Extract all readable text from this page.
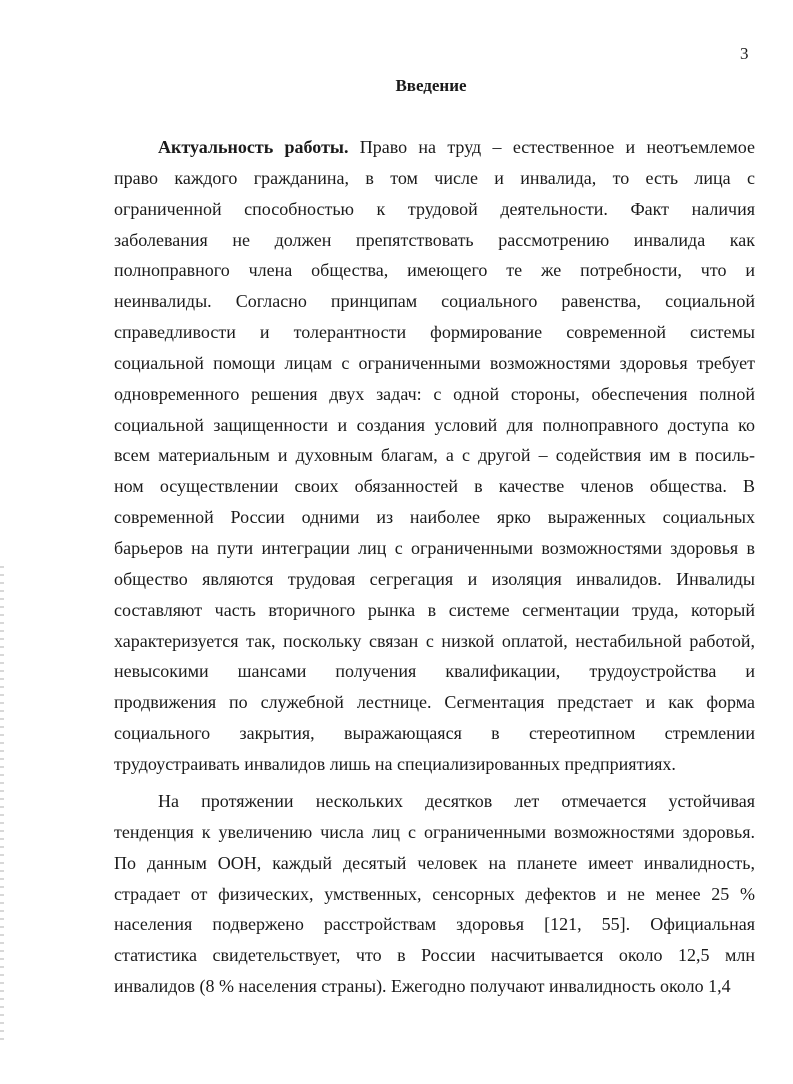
3
Введение
Актуальность работы. Право на труд – естественное и неотъемлемое
право каждого гражданина, в том числе и инвалида, то есть лица с
ограниченной способностью к трудовой деятельности. Факт наличия
заболевания не должен препятствовать рассмотрению инвалида как
полноправного члена общества, имеющего те же потребности, что и
неинвалиды. Согласно принципам социального равенства, социальной
справедливости и толерантности формирование современной системы
социальной помощи лицам с ограниченными возможностями здоровья требует
одновременного решения двух задач: с одной стороны, обеспечения полной
социальной защищенности и создания условий для полноправного доступа ко
всем материальным и духовным благам, а с другой – содействия им в посиль-
ном осуществлении своих обязанностей в качестве членов общества. В
современной России одними из наиболее ярко выраженных социальных
барьеров на пути интеграции лиц с ограниченными возможностями здоровья в
общество являются трудовая сегрегация и изоляция инвалидов. Инвалиды
составляют часть вторичного рынка в системе сегментации труда, который
характеризуется так, поскольку связан с низкой оплатой, нестабильной работой,
невысокими шансами получения квалификации, трудоустройства и
продвижения по служебной лестнице. Сегментация предстает и как форма
социального закрытия, выражающаяся в стереотипном стремлении
трудоустраивать инвалидов лишь на специализированных предприятиях.
На протяжении нескольких десятков лет отмечается устойчивая
тенденция к увеличению числа лиц с ограниченными возможностями здоровья.
По данным ООН, каждый десятый человек на планете имеет инвалидность,
страдает от физических, умственных, сенсорных дефектов и не менее 25 %
населения подвержено расстройствам здоровья [121, 55]. Официальная
статистика свидетельствует, что в России насчитывается около 12,5 млн
инвалидов (8 % населения страны). Ежегодно получают инвалидность около 1,4
